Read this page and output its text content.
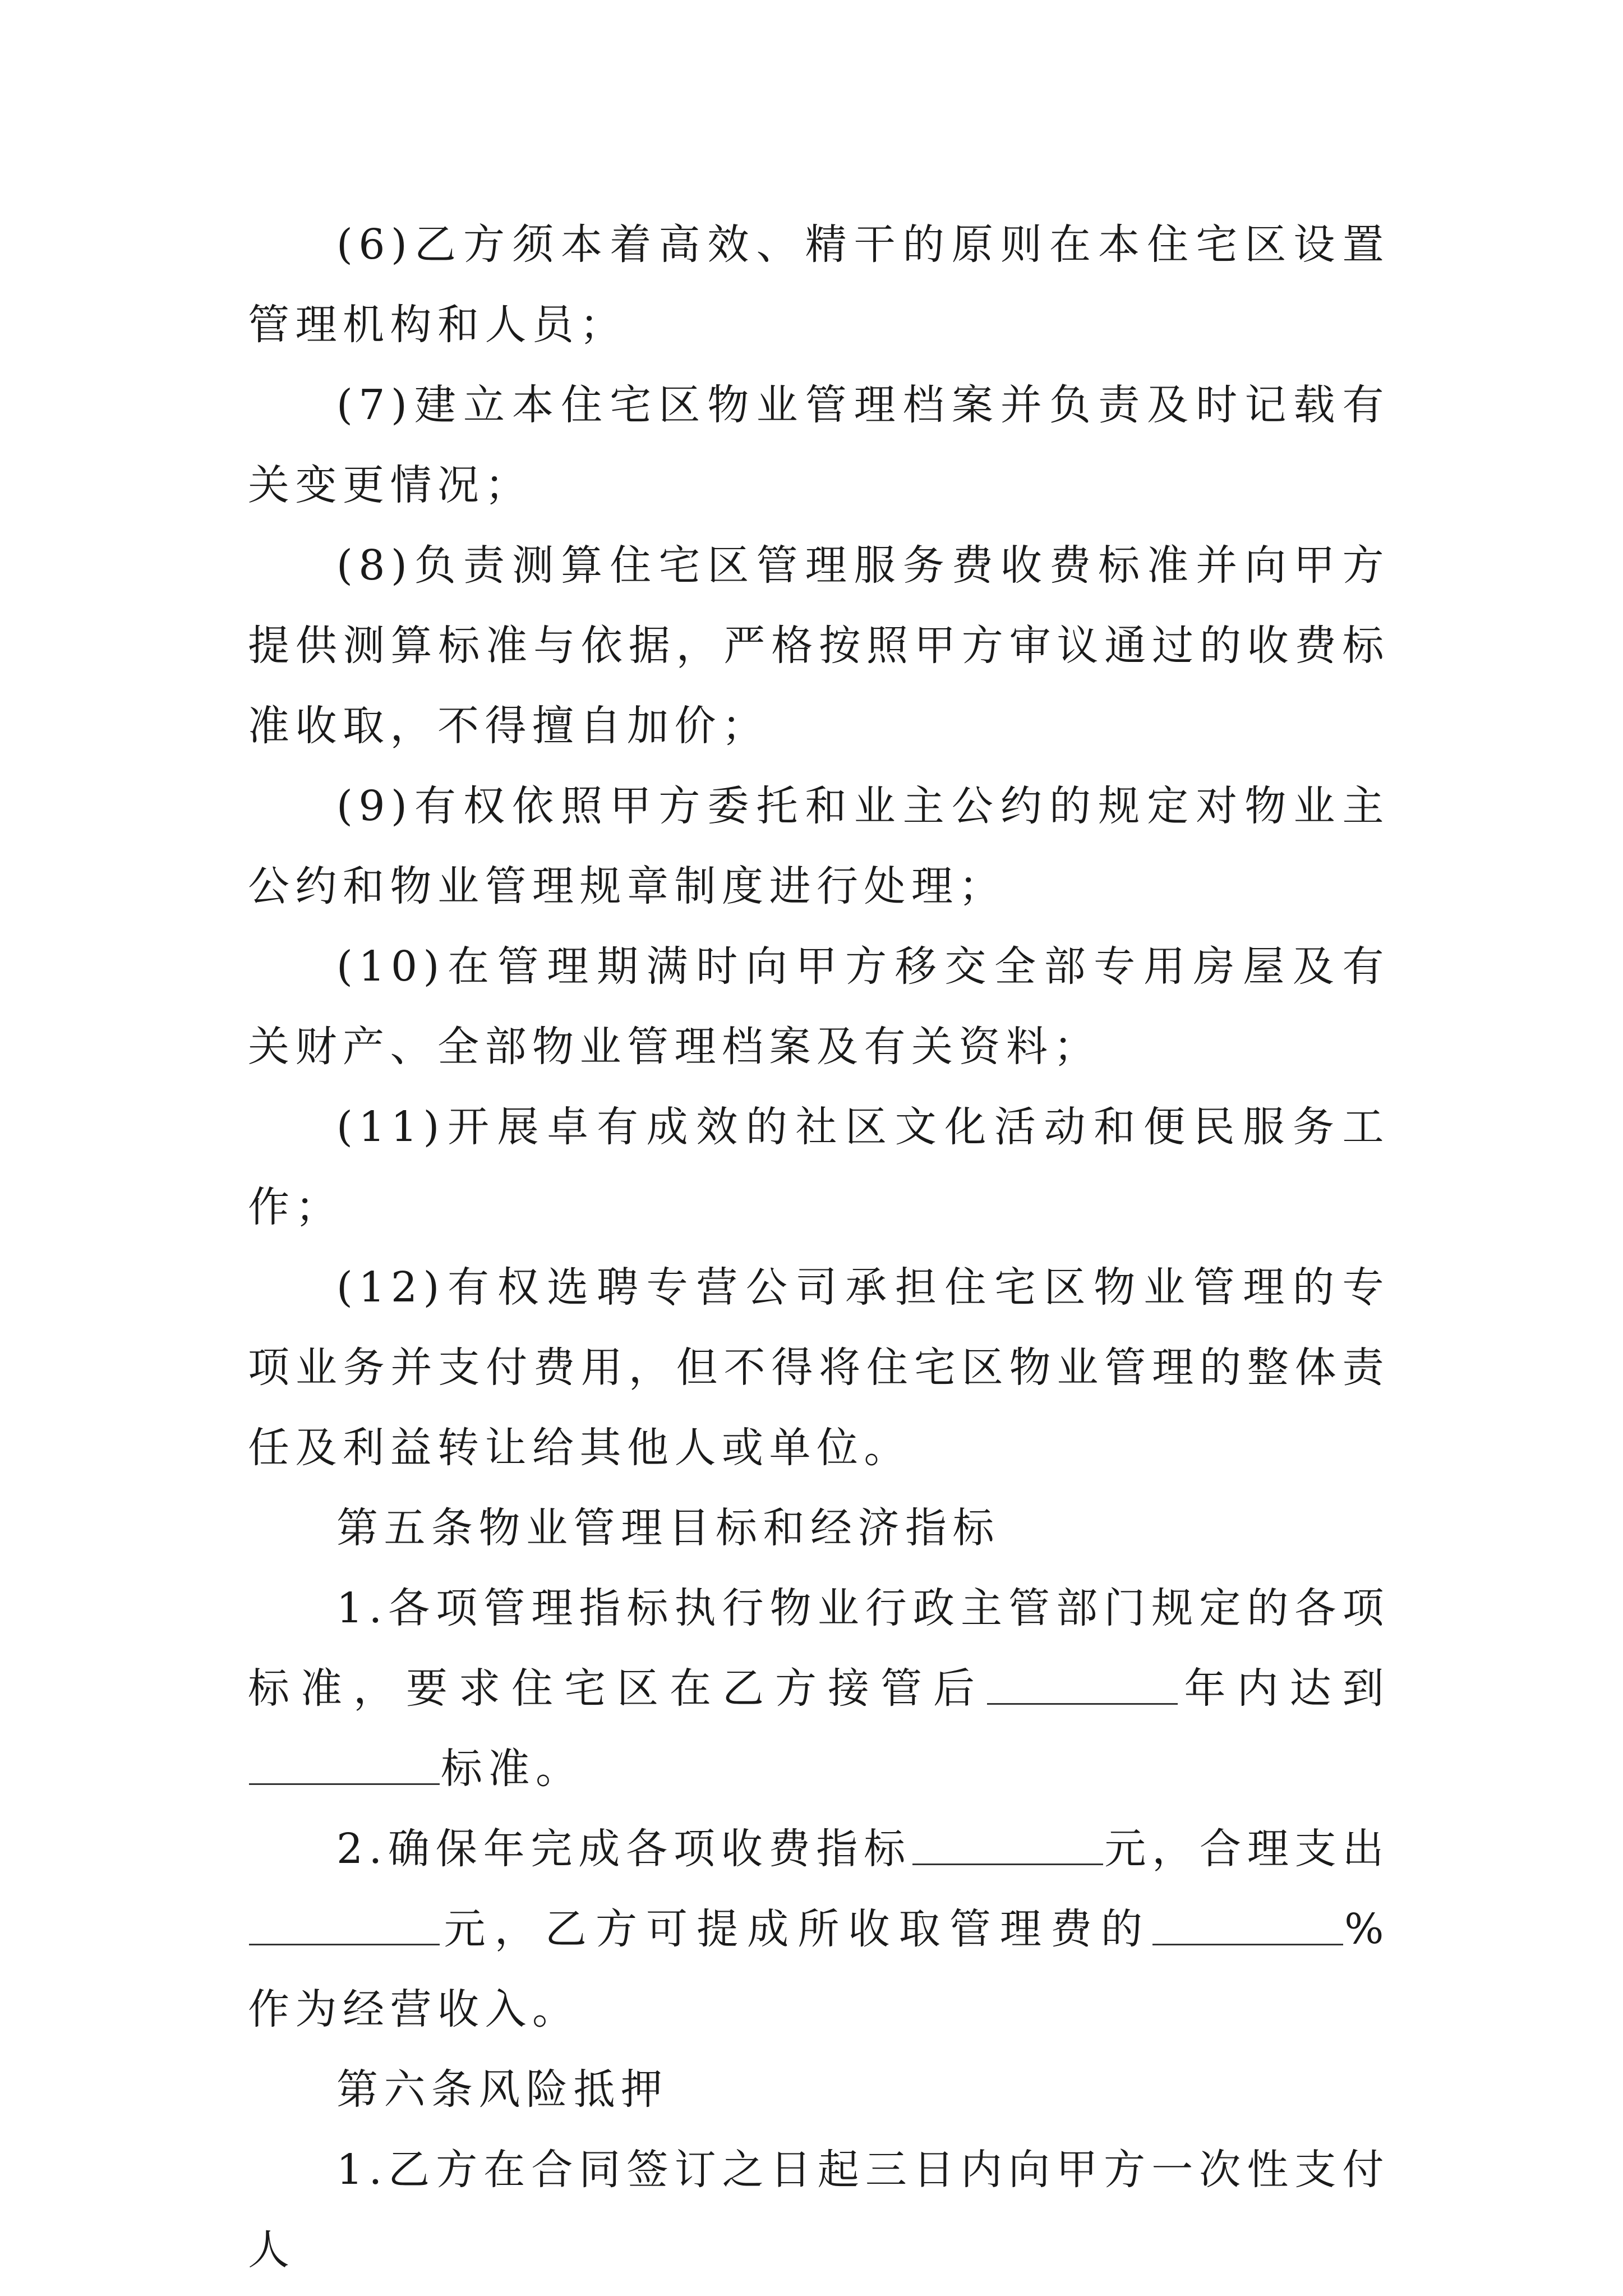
(6)乙方须本着高效、精干的原则在本住宅区设置管理机构和人员；

(7)建立本住宅区物业管理档案并负责及时记载有关变更情况；

(8)负责测算住宅区管理服务费收费标准并向甲方提供测算标准与依据，严格按照甲方审议通过的收费标准收取，不得擅自加价；

(9)有权依照甲方委托和业主公约的规定对物业主公约和物业管理规章制度进行处理；

(10)在管理期满时向甲方移交全部专用房屋及有关财产、全部物业管理档案及有关资料；

(11)开展卓有成效的社区文化活动和便民服务工作；

(12)有权选聘专营公司承担住宅区物业管理的专项业务并支付费用，但不得将住宅区物业管理的整体责任及利益转让给其他人或单位。

第五条物业管理目标和经济指标

1.各项管理指标执行物业行政主管部门规定的各项标准，要求住宅区在乙方接管后	年内达到标准。

2.确保年完成各项收费指标	元，合理支出元，乙方可提成所收取管理费的	%作为经营收入。

第六条风险抵押

1.乙方在合同签订之日起三日内向甲方一次性支付人
